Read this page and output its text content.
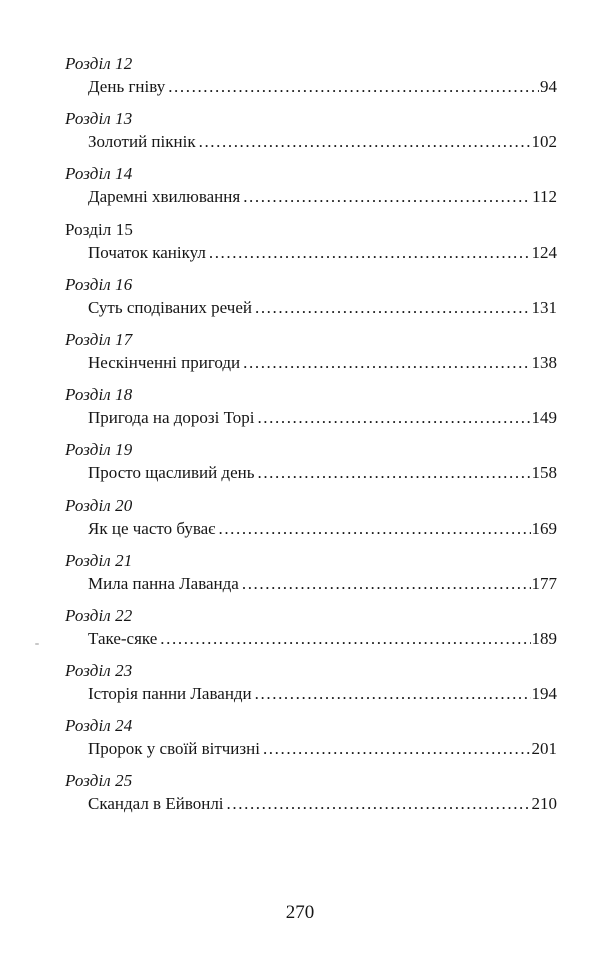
Розділ 12
День гніву .....	94
Розділ 13
Золотий пікнік .....	102
Розділ 14
Даремні хвилювання .....	112
Розділ 15
Початок канікул .....	124
Розділ 16
Суть сподіваних речей .....	131
Розділ 17
Нескінченні пригоди .....	138
Розділ 18
Пригода на дорозі Торі .....	149
Розділ 19
Просто щасливий день .....	158
Розділ 20
Як це часто буває .....	169
Розділ 21
Мила панна Лаванда .....	177
Розділ 22
Таке-сяке .....	189
Розділ 23
Історія панни Лаванди .....	194
Розділ 24
Пророк у своїй вітчизні .....	201
Розділ 25
Скандал в Ейвонлі .....	210
270
